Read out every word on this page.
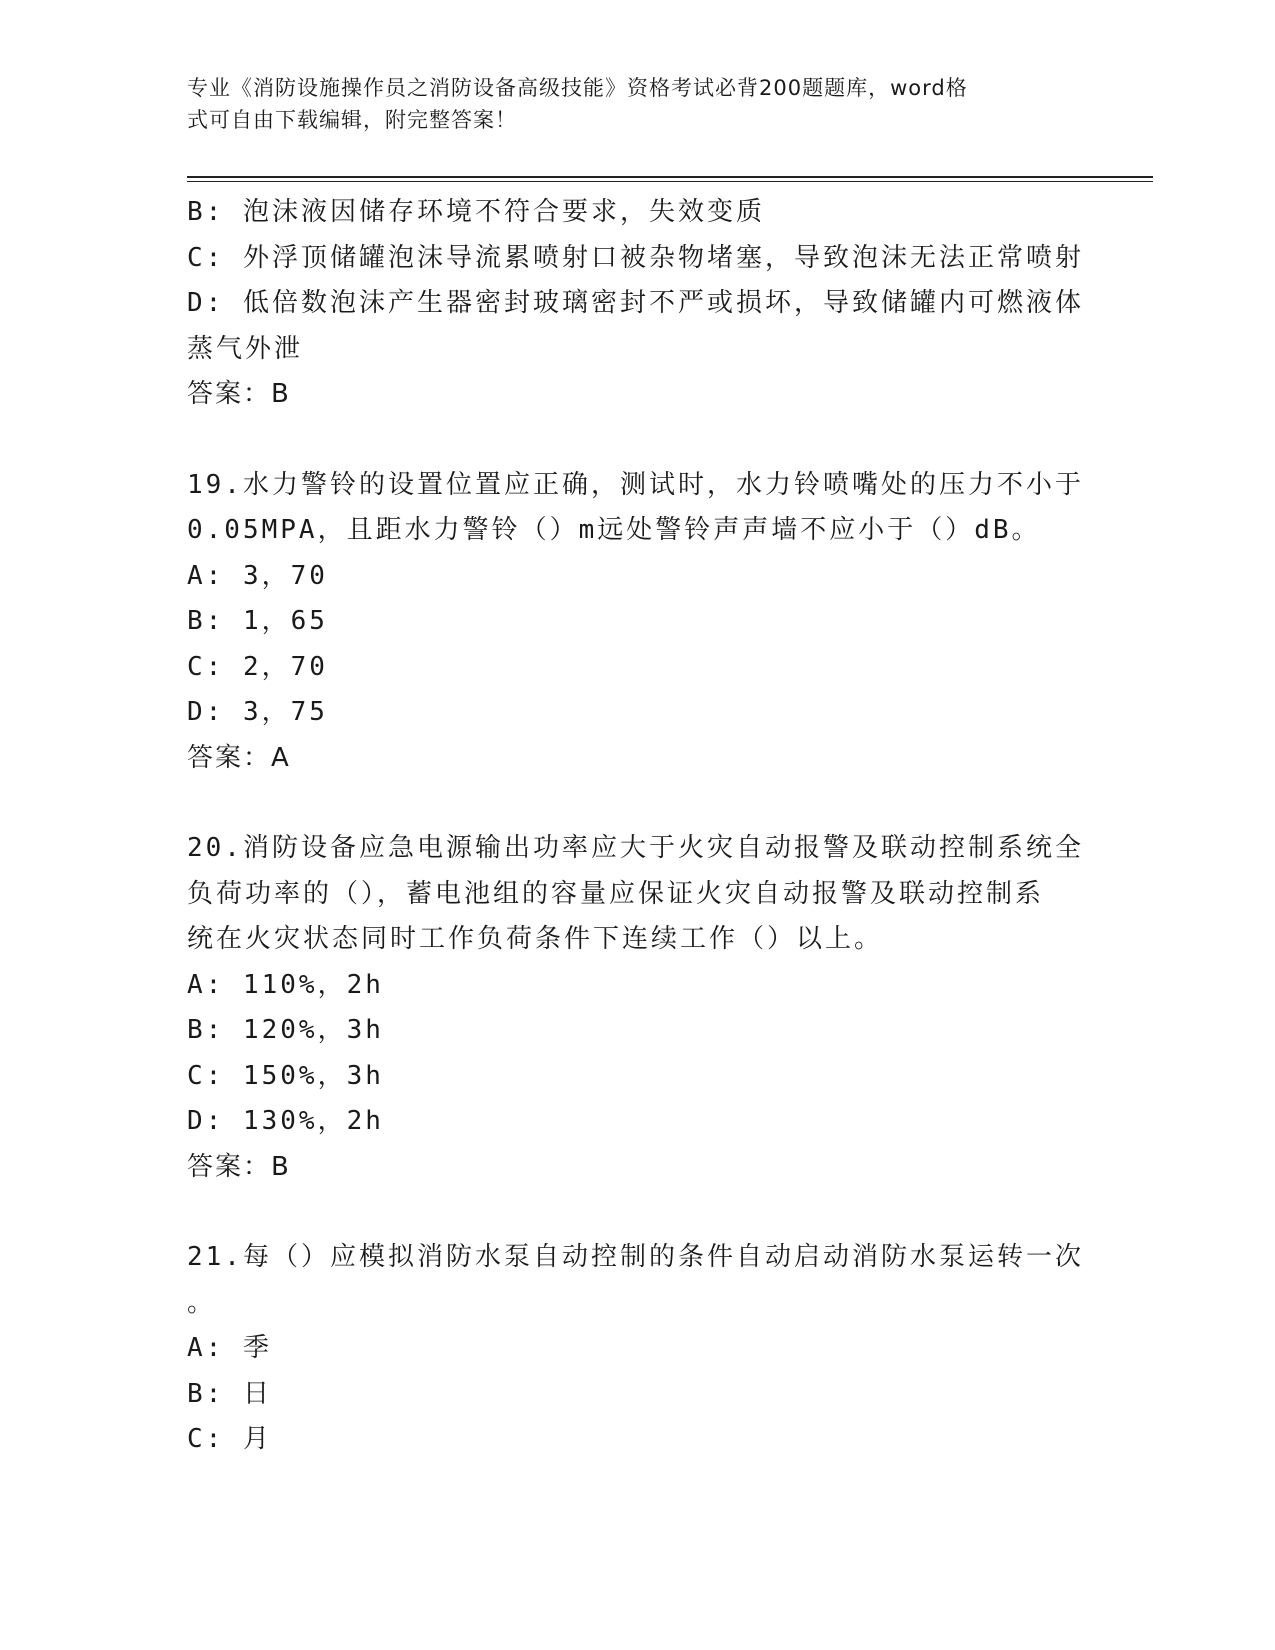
专业《消防设施操作员之消防设备高级技能》资格考试必背200题题库，word格
式可自由下载编辑，附完整答案！
B: 泡沫液因储存环境不符合要求，失效变质
C: 外浮顶储罐泡沫导流累喷射口被杂物堵塞，导致泡沫无法正常喷射
D: 低倍数泡沫产生器密封玻璃密封不严或损坏，导致储罐内可燃液体
蒸气外泄
答案：B
19.水力警铃的设置位置应正确，测试时，水力铃喷嘴处的压力不小于
0.05MPA，且距水力警铃（）m远处警铃声声墙不应小于（）dB。
A: 3，70
B: 1，65
C: 2，70
D: 3，75
答案：A
20.消防设备应急电源输出功率应大于火灾自动报警及联动控制系统全
负荷功率的（），蓄电池组的容量应保证火灾自动报警及联动控制系
统在火灾状态同时工作负荷条件下连续工作（）以上。
A: 110%，2h
B: 120%，3h
C: 150%，3h
D: 130%，2h
答案：B
21.每（）应模拟消防水泵自动控制的条件自动启动消防水泵运转一次
。
A: 季
B: 日
C: 月
